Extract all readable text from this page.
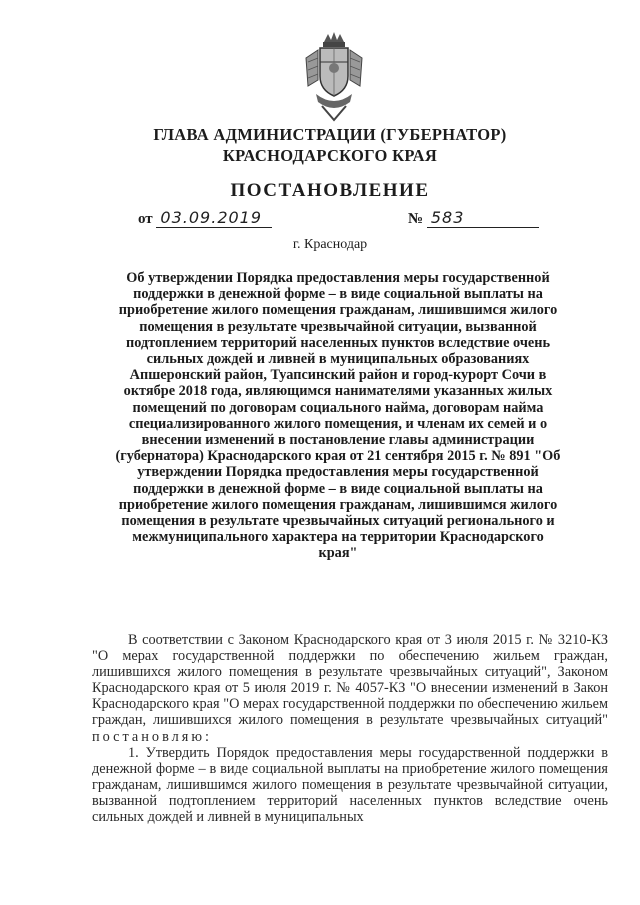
ГЛАВА АДМИНИСТРАЦИИ (ГУБЕРНАТОР)
КРАСНОДАРСКОГО КРАЯ
ПОСТАНОВЛЕНИЕ
от 03.09.2019	№ 583
г. Краснодар
Об утверждении Порядка предоставления меры государственной поддержки в денежной форме – в виде социальной выплаты на приобретение жилого помещения гражданам, лишившимся жилого помещения в результате чрезвычайной ситуации, вызванной подтоплением территорий населенных пунктов вследствие очень сильных дождей и ливней в муниципальных образованиях Апшеронский район, Туапсинский район и город-курорт Сочи в октябре 2018 года, являющимся нанимателями указанных жилых помещений по договорам социального найма, договорам найма специализированного жилого помещения, и членам их семей и о внесении изменений в постановление главы администрации (губернатора) Краснодарского края от 21 сентября 2015 г. № 891 "Об утверждении Порядка предоставления меры государственной поддержки в денежной форме – в виде социальной выплаты на приобретение жилого помещения гражданам, лишившимся жилого помещения в результате чрезвычайных ситуаций регионального и межмуниципального характера на территории Краснодарского края"

В соответствии с Законом Краснодарского края от 3 июля 2015 г. № 3210-КЗ "О мерах государственной поддержки по обеспечению жильем граждан, лишившихся жилого помещения в результате чрезвычайных ситуаций", Законом Краснодарского края от 5 июля 2019 г. № 4057-КЗ "О внесении изменений в Закон Краснодарского края "О мерах государственной поддержки по обеспечению жильем граждан, лишившихся жилого помещения в результате чрезвычайных ситуаций" постановляю:

1. Утвердить Порядок предоставления меры государственной поддержки в денежной форме – в виде социальной выплаты на приобретение жилого помещения гражданам, лишившимся жилого помещения в результате чрезвычайной ситуации, вызванной подтоплением территорий населенных пунктов вследствие очень сильных дождей и ливней в муниципальных
